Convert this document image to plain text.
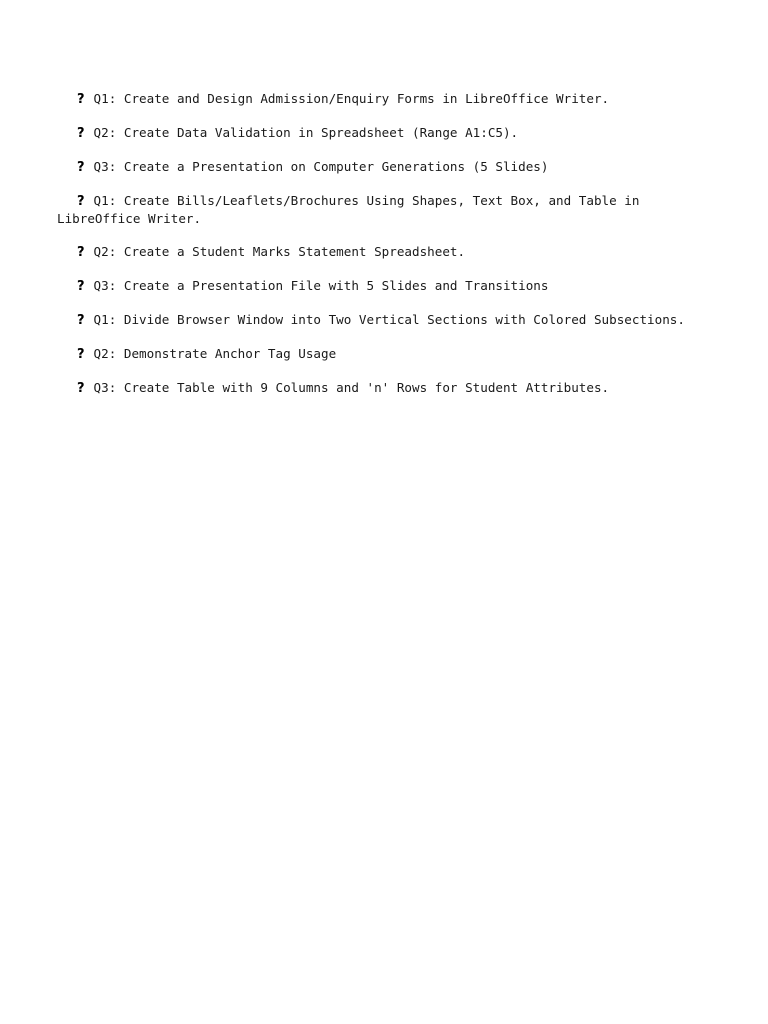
? Q1: Create and Design Admission/Enquiry Forms in LibreOffice Writer.

? Q2: Create Data Validation in Spreadsheet (Range A1:C5).

? Q3: Create a Presentation on Computer Generations (5 Slides)

? Q1: Create Bills/Leaflets/Brochures Using Shapes, Text Box, and Table in LibreOffice Writer.

? Q2: Create a Student Marks Statement Spreadsheet.

? Q3: Create a Presentation File with 5 Slides and Transitions

? Q1: Divide Browser Window into Two Vertical Sections with Colored Subsections.

? Q2: Demonstrate Anchor Tag Usage

? Q3: Create Table with 9 Columns and 'n' Rows for Student Attributes.
